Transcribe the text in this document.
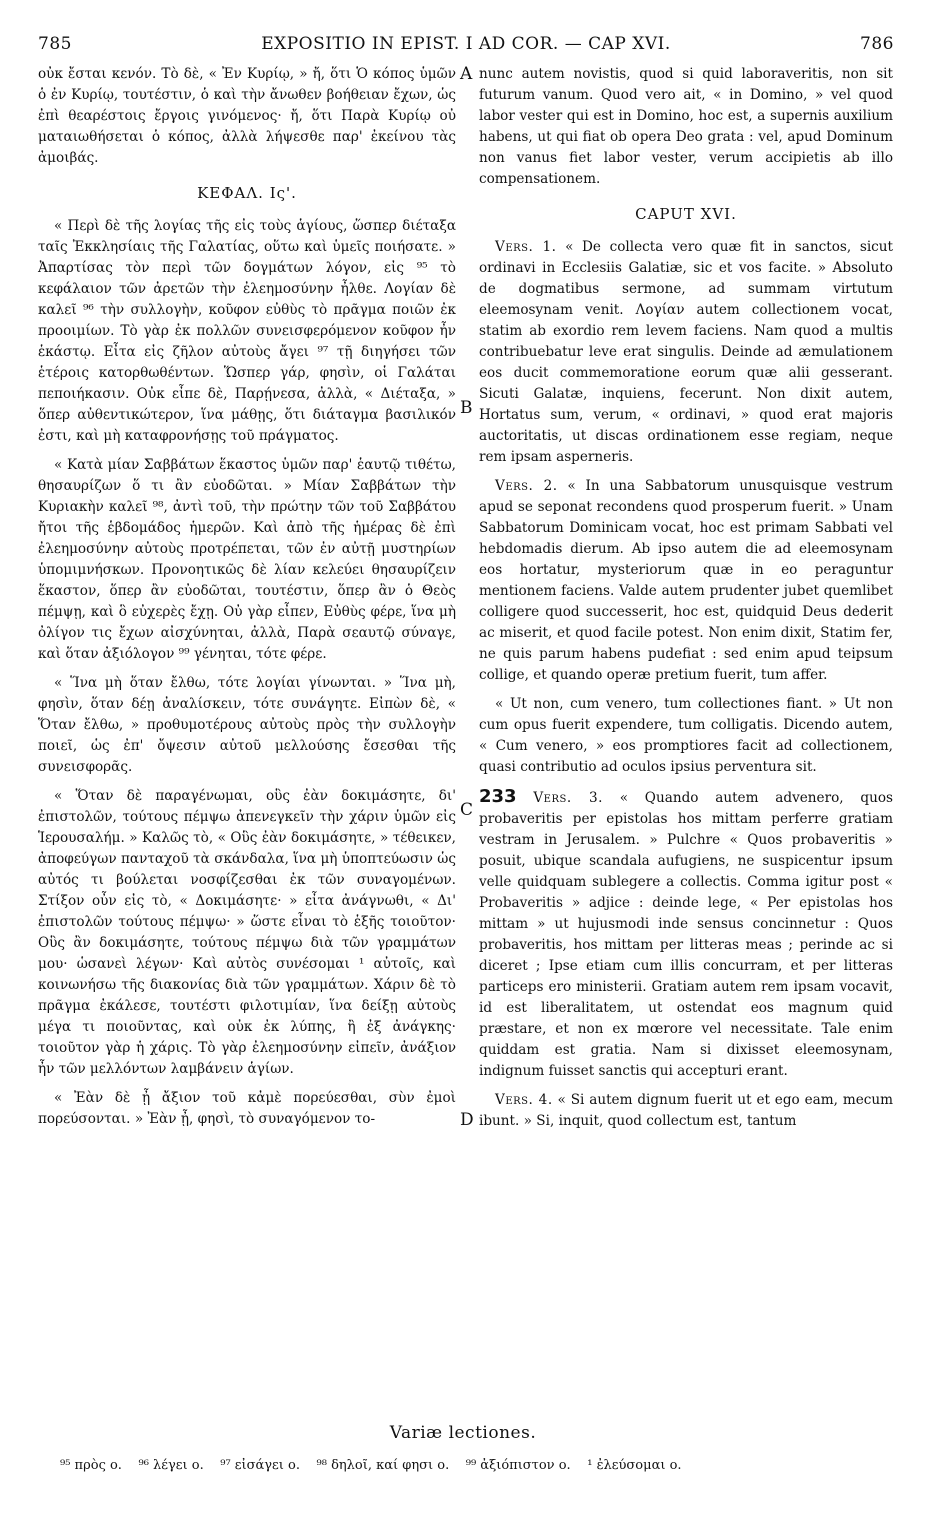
785	EXPOSITIO IN EPIST. I AD COR. — CAP XVI.	786
A
B
C
D

οὐκ ἔσται κενόν. Τὸ δὲ, « Ἐν Κυρίῳ, » ἤ, ὅτι Ὁ κόπος ὑμῶν ὁ ἐν Κυρίῳ, τουτέστιν, ὁ καὶ τὴν ἄνωθεν βοήθειαν ἔχων, ὡς ἐπὶ θεαρέστοις ἔργοις γινόμενος· ἤ, ὅτι Παρὰ Κυρίῳ οὐ ματαιωθήσεται ὁ κόπος, ἀλλὰ λήψεσθε παρ' ἐκείνου τὰς ἀμοιβάς.

ΚΕΦΑΛ. Ις'.

« Περὶ δὲ τῆς λογίας τῆς εἰς τοὺς ἁγίους, ὥσπερ διέταξα ταῖς Ἐκκλησίαις τῆς Γαλατίας, οὕτω καὶ ὑμεῖς ποιήσατε. » Ἀπαρτίσας τὸν περὶ τῶν δογμάτων λόγον, εἰς ⁹⁵ τὸ κεφάλαιον τῶν ἀρετῶν τὴν ἐλεημοσύνην ἦλθε. Λογίαν δὲ καλεῖ ⁹⁶ τὴν συλλογὴν, κοῦφον εὐθὺς τὸ πρᾶγμα ποιῶν ἐκ προοιμίων. Τὸ γὰρ ἐκ πολλῶν συνεισφερόμενον κοῦφον ἦν ἑκάστῳ. Εἶτα εἰς ζῆλον αὐτοὺς ἄγει ⁹⁷ τῇ διηγήσει τῶν ἑτέροις κατορθωθέντων. Ὥσπερ γάρ, φησὶν, οἱ Γαλάται πεποιήκασιν. Οὐκ εἶπε δὲ, Παρῄνεσα, ἀλλὰ, « Διέταξα, » ὅπερ αὐθεντικώτερον, ἵνα μάθῃς, ὅτι διάταγμα βασιλικόν ἐστι, καὶ μὴ καταφρονήσῃς τοῦ πράγματος.

« Κατὰ μίαν Σαββάτων ἕκαστος ὑμῶν παρ' ἑαυτῷ τιθέτω, θησαυρίζων ὅ τι ἂν εὐοδῶται. » Μίαν Σαββάτων τὴν Κυριακὴν καλεῖ ⁹⁸, ἀντὶ τοῦ, τὴν πρώτην τῶν τοῦ Σαββάτου ἤτοι τῆς ἑβδομάδος ἡμερῶν. Καὶ ἀπὸ τῆς ἡμέρας δὲ ἐπὶ ἐλεημοσύνην αὐτοὺς προτρέπεται, τῶν ἐν αὐτῇ μυστηρίων ὑπομιμνήσκων. Προνοητικῶς δὲ λίαν κελεύει θησαυρίζειν ἕκαστον, ὅπερ ἂν εὐοδῶται, τουτέστιν, ὅπερ ἂν ὁ Θεὸς πέμψῃ, καὶ ὃ εὐχερὲς ἔχῃ. Οὐ γὰρ εἶπεν, Εὐθὺς φέρε, ἵνα μὴ ὀλίγον τις ἔχων αἰσχύνηται, ἀλλὰ, Παρὰ σεαυτῷ σύναγε, καὶ ὅταν ἀξιόλογον ⁹⁹ γένηται, τότε φέρε.

« Ἵνα μὴ ὅταν ἔλθω, τότε λογίαι γίνωνται. » Ἵνα μὴ, φησὶν, ὅταν δέῃ ἀναλίσκειν, τότε συνάγητε. Εἰπὼν δὲ, « Ὅταν ἔλθω, » προθυμοτέρους αὐτοὺς πρὸς τὴν συλλογὴν ποιεῖ, ὡς ἐπ' ὄψεσιν αὐτοῦ μελλούσης ἔσεσθαι τῆς συνεισφορᾶς.

« Ὅταν δὲ παραγένωμαι, οὓς ἐὰν δοκιμάσητε, δι' ἐπιστολῶν, τούτους πέμψω ἀπενεγκεῖν τὴν χάριν ὑμῶν εἰς Ἱερουσαλήμ. » Καλῶς τὸ, « Οὓς ἐὰν δοκιμάσητε, » τέθεικεν, ἀποφεύγων πανταχοῦ τὰ σκάνδαλα, ἵνα μὴ ὑποπτεύωσιν ὡς αὐτός τι βούλεται νοσφίζεσθαι ἐκ τῶν συναγομένων. Στίξον οὖν εἰς τὸ, « Δοκιμάσητε· » εἶτα ἀνάγνωθι, « Δι' ἐπιστολῶν τούτους πέμψω· » ὥστε εἶναι τὸ ἑξῆς τοιοῦτον· Οὓς ἂν δοκιμάσητε, τούτους πέμψω διὰ τῶν γραμμάτων μου· ὡσανεὶ λέγων· Καὶ αὐτὸς συνέσομαι ¹ αὐτοῖς, καὶ κοινωνήσω τῆς διακονίας διὰ τῶν γραμμάτων. Χάριν δὲ τὸ πρᾶγμα ἐκάλεσε, τουτέστι φιλοτιμίαν, ἵνα δείξῃ αὐτοὺς μέγα τι ποιοῦντας, καὶ οὐκ ἐκ λύπης, ἢ ἐξ ἀνάγκης· τοιοῦτον γὰρ ἡ χάρις. Τὸ γὰρ ἐλεημοσύνην εἰπεῖν, ἀνάξιον ἦν τῶν μελλόντων λαμβάνειν ἁγίων.

« Ἐὰν δὲ ᾖ ἄξιον τοῦ κἀμὲ πορεύεσθαι, σὺν ἐμοὶ πορεύσονται. » Ἐὰν ᾖ, φησὶ, τὸ συναγόμενον το-

nunc autem novistis, quod si quid laboraveritis, non sit futurum vanum. Quod vero ait, « in Domino, » vel quod labor vester qui est in Domino, hoc est, a supernis auxilium habens, ut qui fiat ob opera Deo grata : vel, apud Dominum non vanus fiet labor vester, verum accipietis ab illo compensationem.

CAPUT XVI.

Vers. 1. « De collecta vero quæ fit in sanctos, sicut ordinavi in Ecclesiis Galatiæ, sic et vos facite. » Absoluto de dogmatibus sermone, ad summam virtutum eleemosynam venit. Λογίαν autem collectionem vocat, statim ab exordio rem levem faciens. Nam quod a multis contribuebatur leve erat singulis. Deinde ad æmulationem eos ducit commemoratione eorum quæ alii gesserant. Sicuti Galatæ, inquiens, fecerunt. Non dixit autem, Hortatus sum, verum, « ordinavi, » quod erat majoris auctoritatis, ut discas ordinationem esse regiam, neque rem ipsam asperneris.

Vers. 2. « In una Sabbatorum unusquisque vestrum apud se seponat recondens quod prosperum fuerit. » Unam Sabbatorum Dominicam vocat, hoc est primam Sabbati vel hebdomadis dierum. Ab ipso autem die ad eleemosynam eos hortatur, mysteriorum quæ in eo peraguntur mentionem faciens. Valde autem prudenter jubet quemlibet colligere quod successerit, hoc est, quidquid Deus dederit ac miserit, et quod facile potest. Non enim dixit, Statim fer, ne quis parum habens pudefiat : sed enim apud teipsum collige, et quando operæ pretium fuerit, tum affer.

« Ut non, cum venero, tum collectiones fiant. » Ut non cum opus fuerit expendere, tum colligatis. Dicendo autem, « Cum venero, » eos promptiores facit ad collectionem, quasi contributio ad oculos ipsius perventura sit.

233 Vers. 3. « Quando autem advenero, quos probaveritis per epistolas hos mittam perferre gratiam vestram in Jerusalem. » Pulchre « Quos probaveritis » posuit, ubique scandala aufugiens, ne suspicentur ipsum velle quidquam sublegere a collectis. Comma igitur post « Probaveritis » adjice : deinde lege, « Per epistolas hos mittam » ut hujusmodi inde sensus concinnetur : Quos probaveritis, hos mittam per litteras meas ; perinde ac si diceret ; Ipse etiam cum illis concurram, et per litteras particeps ero ministerii. Gratiam autem rem ipsam vocavit, id est liberalitatem, ut ostendat eos magnum quid præstare, et non ex mœrore vel necessitate. Tale enim quiddam est gratia. Nam si dixisset eleemosynam, indignum fuisset sanctis qui accepturi erant.

Vers. 4. « Si autem dignum fuerit ut et ego eam, mecum ibunt. » Si, inquit, quod collectum est, tantum

Variæ lectiones.
⁹⁵ πρὸς ο. ⁹⁶ λέγει ο. ⁹⁷ εἰσάγει ο. ⁹⁸ δηλοῖ, καί φησι ο. ⁹⁹ ἀξιόπιστον ο. ¹ ἐλεύσομαι ο.
